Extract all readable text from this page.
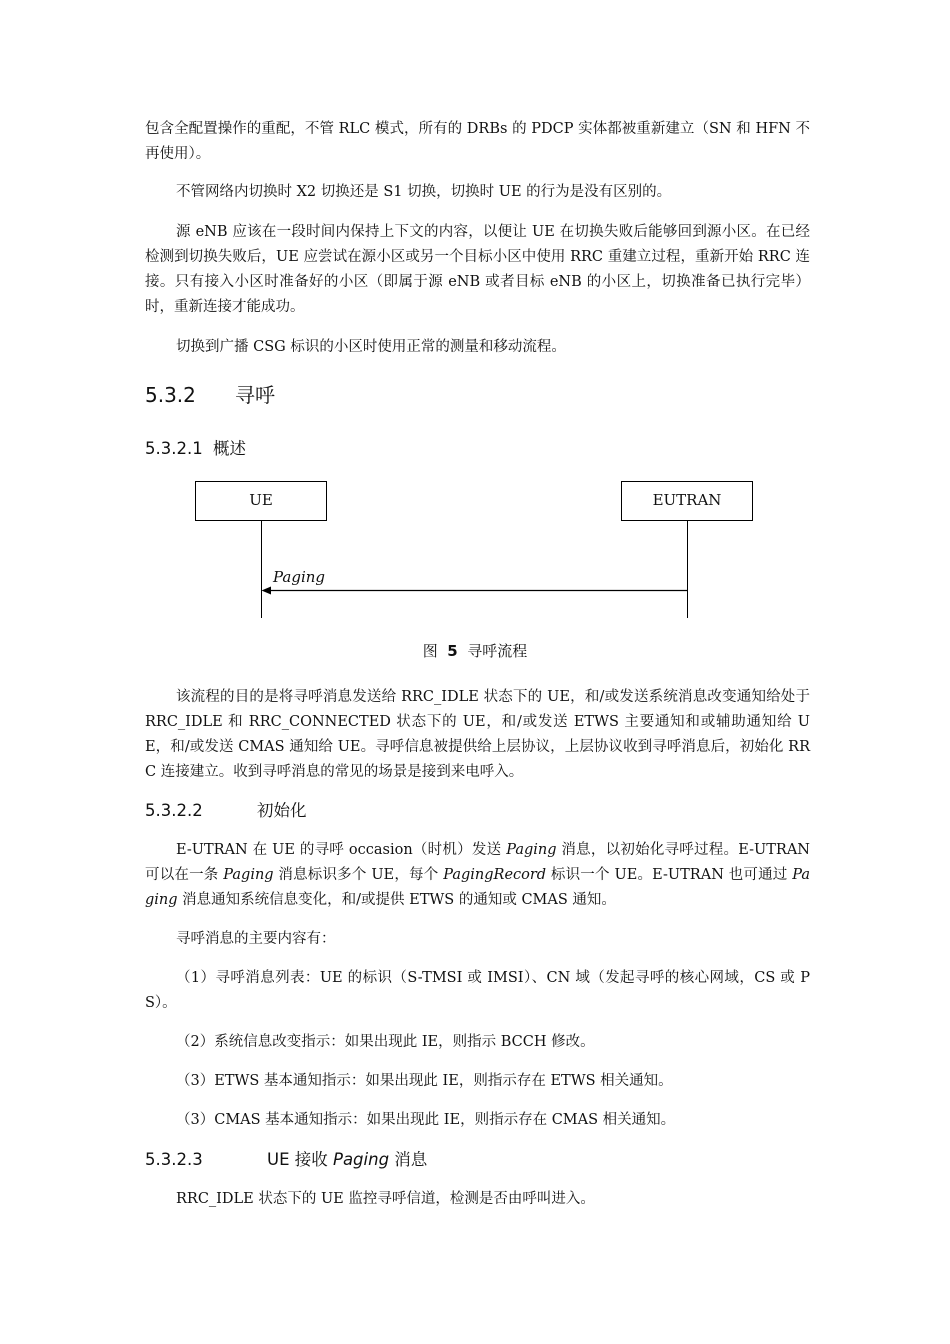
包含全配置操作的重配，不管 RLC 模式，所有的 DRBs 的 PDCP 实体都被重新建立（SN 和 HFN 不再使用）。

不管网络内切换时 X2 切换还是 S1 切换，切换时 UE 的行为是没有区别的。

源 eNB 应该在一段时间内保持上下文的内容，以便让 UE 在切换失败后能够回到源小区。在已经检测到切换失败后，UE 应尝试在源小区或另一个目标小区中使用 RRC 重建立过程，重新开始 RRC 连接。只有接入小区时准备好的小区（即属于源 eNB 或者目标 eNB 的小区上，切换准备已执行完毕）时，重新连接才能成功。

切换到广播 CSG 标识的小区时使用正常的测量和移动流程。

5.3.2 寻呼
5.3.2.1 概述
UE	EUTRAN
Paging

图 5 寻呼流程

该流程的目的是将寻呼消息发送给 RRC_IDLE 状态下的 UE，和/或发送系统消息改变通知给处于 RRC_IDLE 和 RRC_CONNECTED 状态下的 UE，和/或发送 ETWS 主要通知和或辅助通知给 UE，和/或发送 CMAS 通知给 UE。寻呼信息被提供给上层协议，上层协议收到寻呼消息后，初始化 RRC 连接建立。收到寻呼消息的常见的场景是接到来电呼入。

5.3.2.2	初始化

E-UTRAN 在 UE 的寻呼 occasion（时机）发送 Paging 消息，以初始化寻呼过程。E-UTRAN 可以在一条 Paging 消息标识多个 UE，每个 PagingRecord 标识一个 UE。E-UTRAN 也可通过 Paging 消息通知系统信息变化，和/或提供 ETWS 的通知或 CMAS 通知。

寻呼消息的主要内容有：

（1）寻呼消息列表：UE 的标识（S-TMSI 或 IMSI）、CN 域（发起寻呼的核心网域，CS 或 PS）。

（2）系统信息改变指示：如果出现此 IE，则指示 BCCH 修改。

（3）ETWS 基本通知指示：如果出现此 IE，则指示存在 ETWS 相关通知。

（3）CMAS 基本通知指示：如果出现此 IE，则指示存在 CMAS 相关通知。

5.3.2.3	UE 接收 Paging 消息

RRC_IDLE 状态下的 UE 监控寻呼信道，检测是否由呼叫进入。
